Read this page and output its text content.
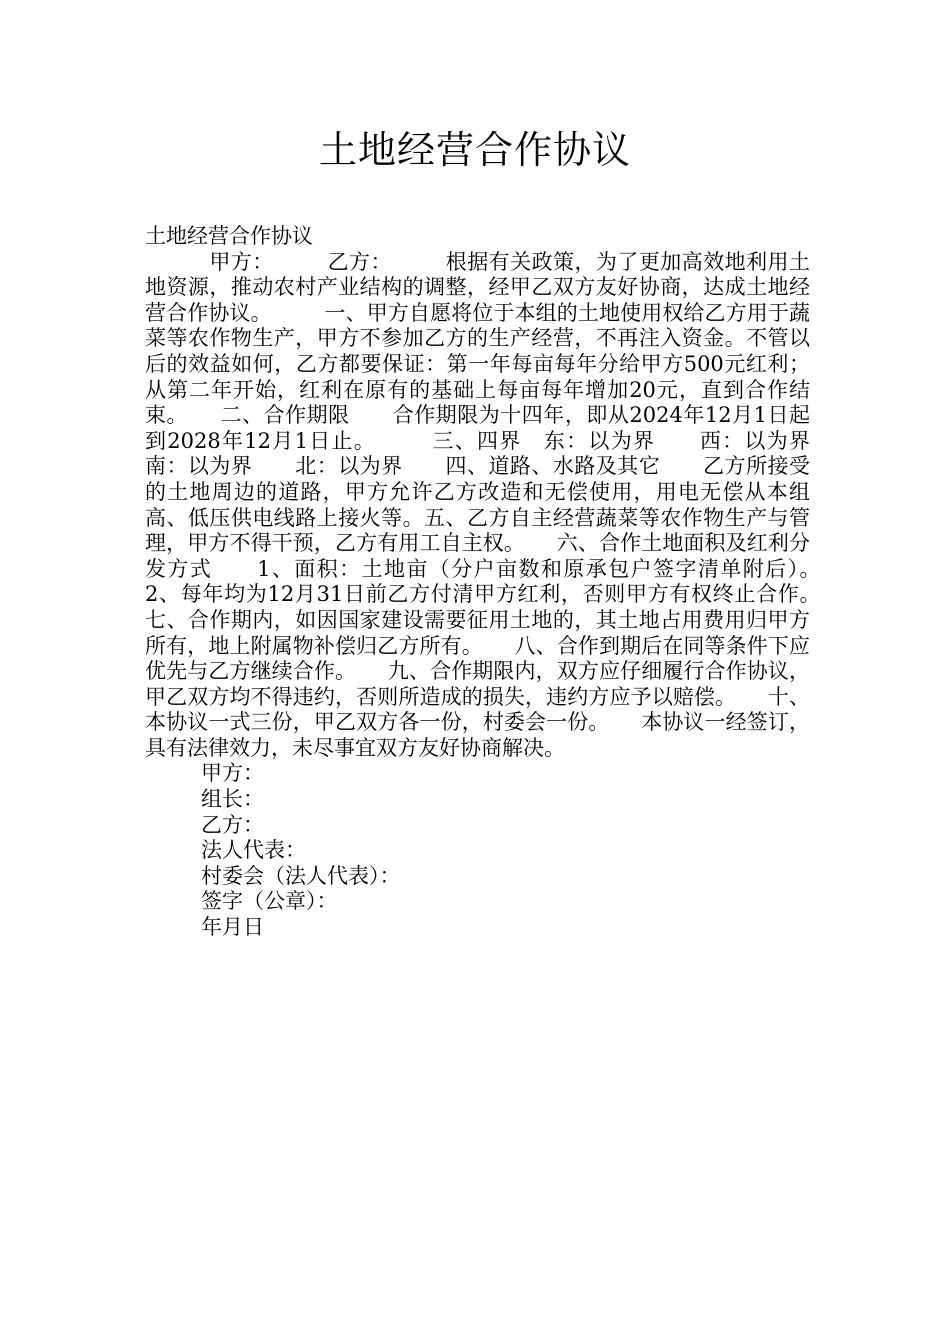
土地经营合作协议

土地经营合作协议

　　　甲方：　　　乙方：　　　根据有关政策，为了更加高效地利用土地资源，推动农村产业结构的调整，经甲乙双方友好协商，达成土地经营合作协议。　　　一、甲方自愿将位于本组的土地使用权给乙方用于蔬菜等农作物生产，甲方不参加乙方的生产经营，不再注入资金。不管以后的效益如何，乙方都要保证：第一年每亩每年分给甲方500元红利；从第二年开始，红利在原有的基础上每亩每年增加20元，直到合作结束。　　二、合作期限　　合作期限为十四年，即从2024年12月1日起到2028年12月1日止。　　　三、四界　东：以为界　　西：以为界　　南：以为界　　北：以为界　　四、道路、水路及其它　　乙方所接受的土地周边的道路，甲方允许乙方改造和无偿使用，用电无偿从本组高、低压供电线路上接火等。五、乙方自主经营蔬菜等农作物生产与管理，甲方不得干预，乙方有用工自主权。　　六、合作土地面积及红利分发方式　　1、面积：土地亩（分户亩数和原承包户签字清单附后）。　　2、每年均为12月31日前乙方付清甲方红利，否则甲方有权终止合作。　　七、合作期内，如因国家建设需要征用土地的，其土地占用费用归甲方所有，地上附属物补偿归乙方所有。　　八、合作到期后在同等条件下应优先与乙方继续合作。　　九、合作期限内，双方应仔细履行合作协议，甲乙双方均不得违约，否则所造成的损失，违约方应予以赔偿。　　十、本协议一式三份，甲乙双方各一份，村委会一份。　　本协议一经签订，具有法律效力，未尽事宜双方友好协商解决。

甲方：
组长：
乙方：
法人代表：
村委会（法人代表）：
签字（公章）：
年月日
